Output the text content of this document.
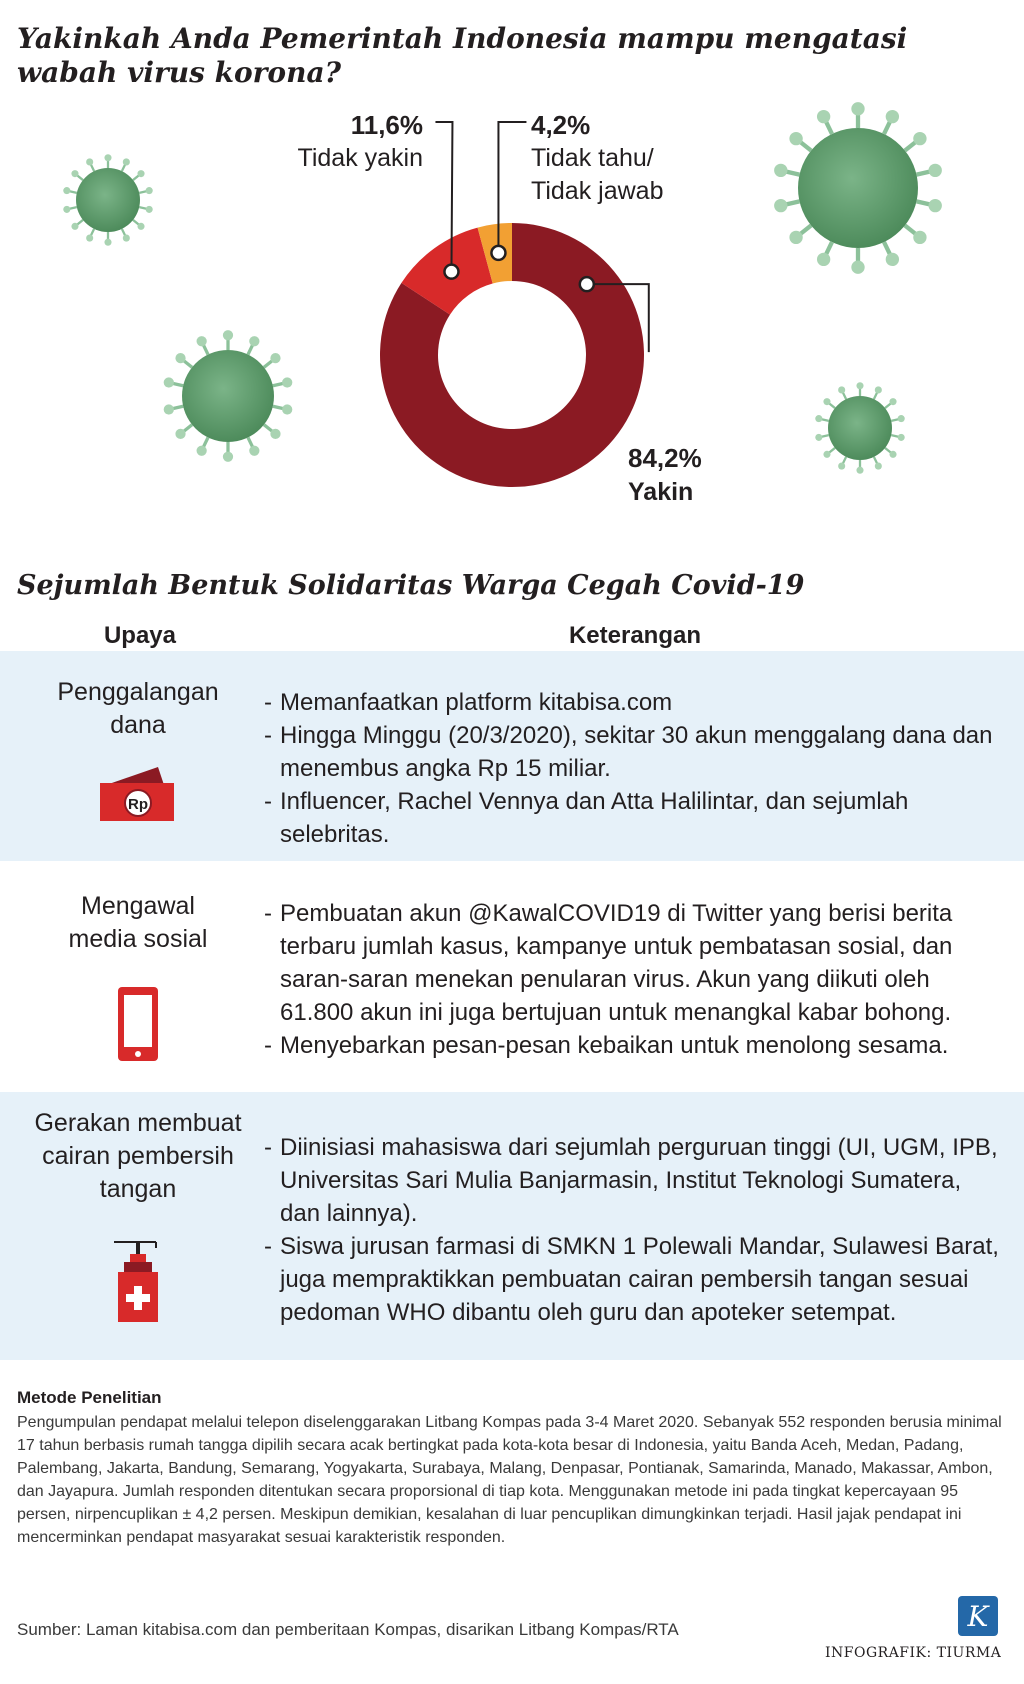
Yakinkah Anda Pemerintah Indonesia mampu mengatasi wabah virus korona?
84,2%
Yakin
11,6%
Tidak yakin
4,2%
Tidak tahu/
Tidak jawab
Sejumlah Bentuk Solidaritas Warga Cegah Covid-19
Upaya	Keterangan
Penggalangan
dana
Rp
- Memanfaatkan platform kitabisa.com
- Hingga Minggu (20/3/2020), sekitar 30 akun menggalang dana dan menembus angka Rp 15 miliar.
- Influencer, Rachel Vennya dan Atta Halilintar, dan sejumlah selebritas.
Mengawal
media sosial
- Pembuatan akun @KawalCOVID19 di Twitter yang berisi berita terbaru jumlah kasus, kampanye untuk pembatasan sosial, dan saran-saran menekan penularan virus. Akun yang diikuti oleh 61.800 akun ini juga bertujuan untuk menangkal kabar bohong.
- Menyebarkan pesan-pesan kebaikan untuk menolong sesama.
Gerakan membuat
cairan pembersih
tangan
- Diinisiasi mahasiswa dari sejumlah perguruan tinggi (UI, UGM, IPB, Universitas Sari Mulia Banjarmasin, Institut Teknologi Sumatera, dan lainnya).
- Siswa jurusan farmasi di SMKN 1 Polewali Mandar, Sulawesi Barat, juga mempraktikkan pembuatan cairan pembersih tangan sesuai pedoman WHO dibantu oleh guru dan apoteker setempat.

Metode Penelitian

Pengumpulan pendapat melalui telepon diselenggarakan Litbang Kompas pada 3-4 Maret 2020. Sebanyak 552 responden berusia minimal 17 tahun berbasis rumah tangga dipilih secara acak bertingkat pada kota-kota besar di Indonesia, yaitu Banda Aceh, Medan, Padang, Palembang, Jakarta, Bandung, Semarang, Yogyakarta, Surabaya, Malang, Denpasar, Pontianak, Samarinda, Manado, Makassar, Ambon, dan Jayapura. Jumlah responden ditentukan secara proporsional di tiap kota. Menggunakan metode ini pada tingkat kepercayaan 95 persen, nirpencuplikan ± 4,2 persen. Meskipun demikian, kesalahan di luar pencuplikan dimungkinkan terjadi. Hasil jajak pendapat ini mencerminkan pendapat masyarakat sesuai karakteristik responden.

Sumber: Laman kitabisa.com dan pemberitaan Kompas, disarikan Litbang Kompas/RTA	K

INFOGRAFIK: TIURMA
